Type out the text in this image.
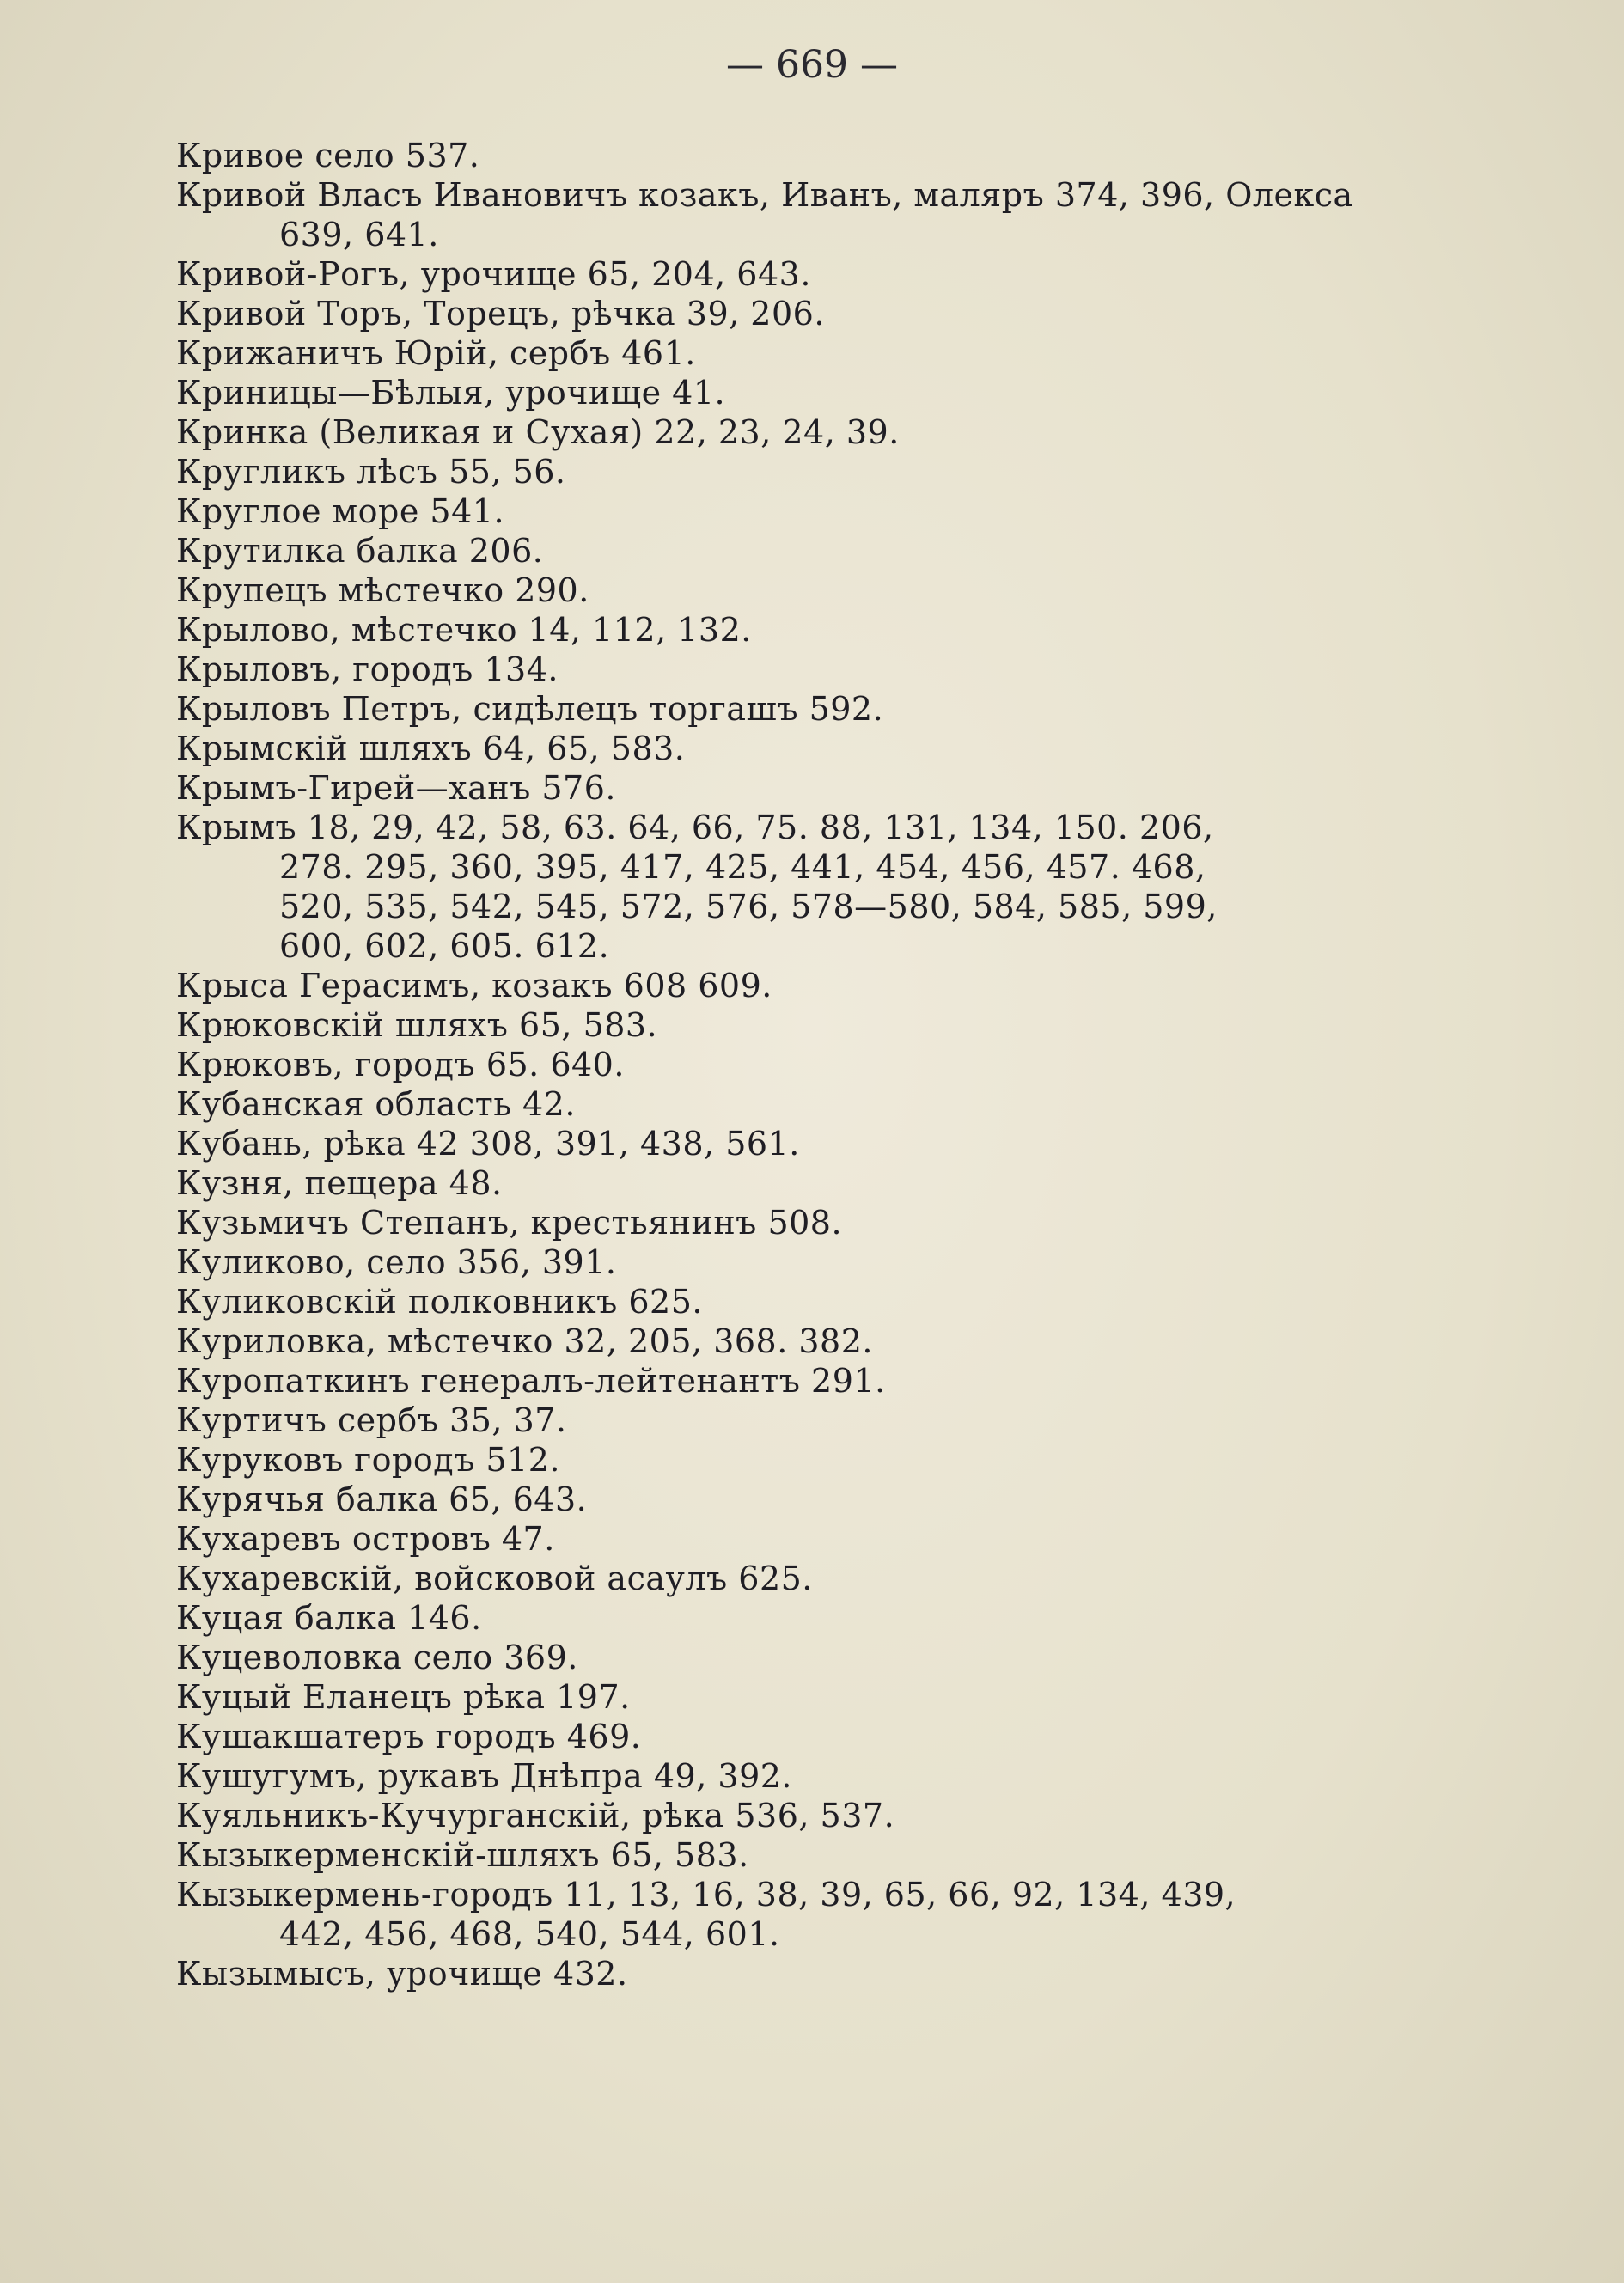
— 669 —
Кривое село 537.
Кривой Власъ Ивановичъ козакъ, Иванъ, маляръ 374, 396, Олекса
639, 641.
Кривой-Рогъ, урочище 65, 204, 643.
Кривой Торъ, Торецъ, рѣчка 39, 206.
Крижаничъ Юрій, сербъ 461.
Криницы—Бѣлыя, урочище 41.
Кринка (Великая и Сухая) 22, 23, 24, 39.
Кругликъ лѣсъ 55, 56.
Круглое море 541.
Крутилка балка 206.
Крупецъ мѣстечко 290.
Крылово, мѣстечко 14, 112, 132.
Крыловъ, городъ 134.
Крыловъ Петръ, сидѣлецъ торгашъ 592.
Крымскій шляхъ 64, 65, 583.
Крымъ-Гирей—ханъ 576.
Крымъ 18, 29, 42, 58, 63. 64, 66, 75. 88, 131, 134, 150. 206,
278. 295, 360, 395, 417, 425, 441, 454, 456, 457. 468,
520, 535, 542, 545, 572, 576, 578—580, 584, 585, 599,
600, 602, 605. 612.
Крыса Герасимъ, козакъ 608 609.
Крюковскій шляхъ 65, 583.
Крюковъ, городъ 65. 640.
Кубанская область 42.
Кубань, рѣка 42 308, 391, 438, 561.
Кузня, пещера 48.
Кузьмичъ Степанъ, крестьянинъ 508.
Куликово, село 356, 391.
Куликовскій полковникъ 625.
Куриловка, мѣстечко 32, 205, 368. 382.
Куропаткинъ генералъ-лейтенантъ 291.
Куртичъ сербъ 35, 37.
Куруковъ городъ 512.
Курячья балка 65, 643.
Кухаревъ островъ 47.
Кухаревскій, войсковой асаулъ 625.
Куцая балка 146.
Куцеволовка село 369.
Куцый Еланецъ рѣка 197.
Кушакшатеръ городъ 469.
Кушугумъ, рукавъ Днѣпра 49, 392.
Куяльникъ-Кучурганскій, рѣка 536, 537.
Кызыкерменскій-шляхъ 65, 583.
Кызыкермень-городъ 11, 13, 16, 38, 39, 65, 66, 92, 134, 439,
442, 456, 468, 540, 544, 601.
Кызымысъ, урочище 432.
